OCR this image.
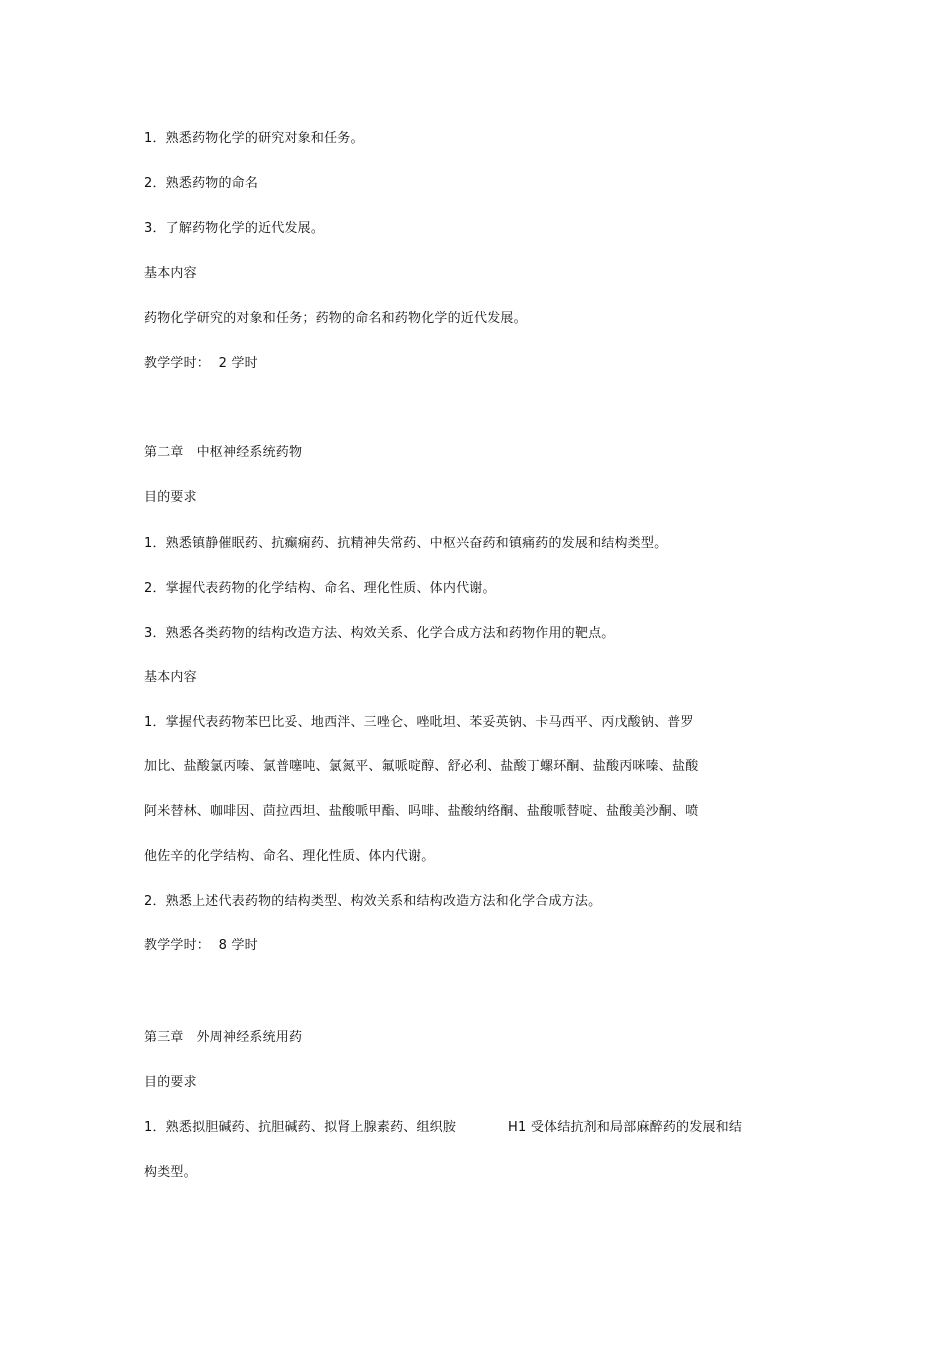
1．熟悉药物化学的研究对象和任务。
2．熟悉药物的命名
3．了解药物化学的近代发展。
基本内容
药物化学研究的对象和任务；药物的命名和药物化学的近代发展。
教学学时：  2 学时
第二章   中枢神经系统药物
目的要求
1．熟悉镇静催眠药、抗癫痫药、抗精神失常药、中枢兴奋药和镇痛药的发展和结构类型。
2．掌握代表药物的化学结构、命名、理化性质、体内代谢。
3．熟悉各类药物的结构改造方法、构效关系、化学合成方法和药物作用的靶点。
基本内容
1．掌握代表药物苯巴比妥、地西泮、三唑仑、唑吡坦、苯妥英钠、卡马西平、丙戊酸钠、普罗
加比、盐酸氯丙嗪、氯普噻吨、氯氮平、氟哌啶醇、舒必利、盐酸丁螺环酮、盐酸丙咪嗪、盐酸
阿米替林、咖啡因、茴拉西坦、盐酸哌甲酯、吗啡、盐酸纳络酮、盐酸哌替啶、盐酸美沙酮、喷
他佐辛的化学结构、命名、理化性质、体内代谢。
2．熟悉上述代表药物的结构类型、构效关系和结构改造方法和化学合成方法。
教学学时：  8 学时
第三章   外周神经系统用药
目的要求
1．熟悉拟胆碱药、抗胆碱药、拟肾上腺素药、组织胺            H1 受体结抗剂和局部麻醉药的发展和结
构类型。
